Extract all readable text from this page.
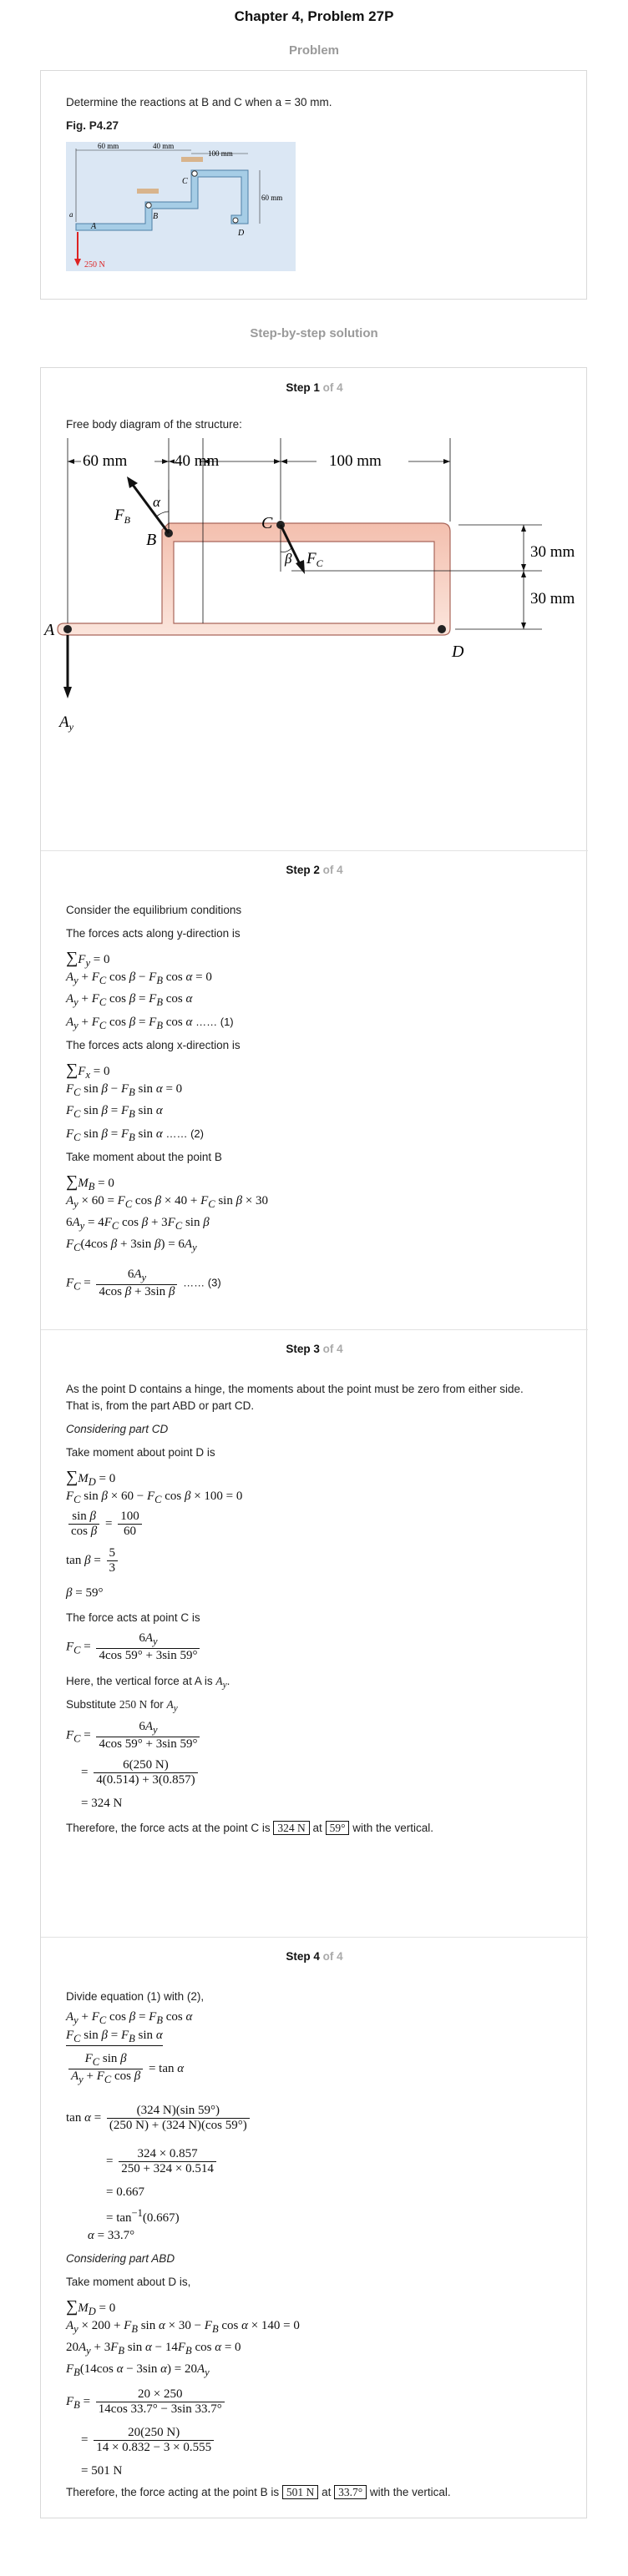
Chapter 4, Problem 27P
Problem
Determine the reactions at B and C when a = 30 mm.
Fig. P4.27
60 mm	40 mm
100 mm
60 mm
A
B
C
D
a
250 N
Step-by-step solution
Step 1 of 4
Free body diagram of the structure:
60 mm	40 mm	100 mm
30 mm
30 mm
α
$F_B$
β $F_C$
$A_y$
A
B
C
D
Step 2 of 4
Consider the equilibrium conditions
The forces acts along y-direction is
$\sum F_y = 0$
$A_y + F_C$ $\cos \beta - F_B$ cos α = 0
$A_y + F_C$ $\cos \beta = F_B$ cos α
$A_y + F_C$ $\cos \beta = F_B$ cos α …… (1)
The forces acts along x-direction is
$\sum F_x = 0$
$F_C$ $\sin \beta - F_B$ sin α = 0
$F_C$ $\sin \beta = F_B$ sin α
$F_C$ $\sin \beta = F_B$ sin α …… (2)
Take moment about the point B
$\sum M_B = 0$
$A_y \times 60 = F_C$ $\cos \beta \times 40 + F_C$ sin β × 30
$6A_y = 4F_C$ $\cos \beta + 3F_C$ sin β
$F_C(4\cos$ β + 3sin $\beta) = 6A_y$
$F_C = \frac{6A_y}{\text{4cos β + 3sin β}}$ …… (3)
Step 3 of 4
As the point D contains a hinge, the moments about the point must be zero from either side.
That is, from the part ABD or part CD.
Considering part CD
Take moment about point D is
$\sum M_D = 0$
$F_C$ $\sin \beta \times 60 - F_C$ cos β × 100 = 0
$\frac{\text{sin β}}{\text{cos β}} = \frac{100}{60}$
$\tan \beta = \frac{5}{3}$
β = 59°
The force acts at point C is
$F_C = \frac{6A_y}{4\cos 59^\circ + 3\sin 59^\circ}$
Here, the vertical force at A is $A_y$.
Substitute 250 N for $A_y$
$F_C = \frac{6A_y}{4\cos 59^\circ + 3\sin 59^\circ}$
= $\frac{6(250 N)}{4(0.514) + 3(0.857)}$
= 324 N
Therefore, the force acts at the point C is 324 N at 59° with the vertical.
Step 4 of 4
Divide equation (1) with (2),
$A_y + F_C$ $\cos \beta = F_B$ cos α
$F_C$ $\sin \beta = F_B$ sin α
$\frac{F_C \sin \beta}{A_y + F_C \cos \beta} = \tan \alpha$
$\tan \alpha = \frac{(324 N)(\sin 59^\circ)}{(250 N) + (324 N)(\cos 59^\circ)}$
= $\frac{324 \times 0.857}{250 + 324 \times 0.514}$
= 0.667
= $\tan^{-1}(0.667)$
α = 33.7°
Considering part ABD
Take moment about D is,
$\sum M_D = 0$
$A_y \times 200 + F_B$ $\sin \alpha \times 30 - F_B$ cos α × 140 = 0
$20A_y + 3F_B$ $\sin \alpha - 14F_B$ cos α = 0
$F_B(14\cos$ α − 3sin $\alpha) = 20A_y$
$F_B = \frac{20 \times 250}{14\cos 33.7^\circ - 3\sin 33.7^\circ}$
= $\frac{20(250 N)}{14 \times 0.832 - 3 \times 0.555}$
= 501 N
Therefore, the force acting at the point B is 501 N at 33.7° with the vertical.
